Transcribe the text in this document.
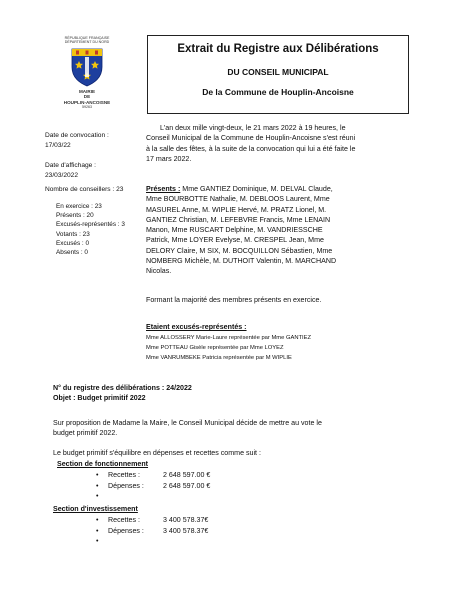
RÉPUBLIQUE FRANÇAISE
DÉPARTEMENT DU NORD
MAIRIE
DE
HOUPLIN-ANCOISNE
59263
Extrait du Registre aux Délibérations
DU CONSEIL MUNICIPAL
De la Commune de Houplin-Ancoisne
Date de convocation :
17/03/22
Date d'affichage :
23/03/2022
Nombre de conseillers : 23
En exercice : 23
Présents : 20
Excusés-représentés : 3
Votants : 23
Excusés : 0
Absents : 0
L'an deux mille vingt-deux, le 21 mars 2022 à 19 heures, le
Conseil Municipal de la Commune de Houplin-Ancoisne s'est réuni
à la salle des fêtes, à la suite de la convocation qui lui a été faite le
17 mars 2022.
Présents : Mme GANTIEZ Dominique, M. DELVAL Claude,
Mme BOURBOTTE Nathalie, M. DEBLOOS Laurent, Mme
MASUREL Anne, M. WIPLIE Hervé, M. PRATZ Lionel, M.
GANTIEZ Christian, M. LEFEBVRE Francis, Mme LENAIN
Manon, Mme RUSCART Delphine, M. VANDRIESSCHE
Patrick, Mme LOYER Evelyse, M. CRESPEL Jean, Mme
DELORY Claire, M SIX, M. BOCQUILLON Sébastien, Mme
NOMBERG Michèle, M. DUTHOIT Valentin, M. MARCHAND
Nicolas.
Formant la majorité des membres présents en exercice.
Etaient excusés-représentés :
Mme ALLOSSERY Marie-Laure représentée par Mme GANTIEZ
Mme POTTEAU Gisèle représentée par Mme LOYEZ
Mme VANRUMBEKE Patricia représentée par M WIPLIE
N° du registre des délibérations : 24/2022
Objet : Budget primitif 2022
Sur proposition de Madame la Maire, le Conseil Municipal décide de mettre au vote le
budget primitif 2022.
Le budget primitif s'équilibre en dépenses et recettes comme suit :
Section de fonctionnement
•	Recettes :	2 648 597.00 €
•	Dépenses :	2 648 597.00 €
•
Section d'investissement
•	Recettes :	3 400 578.37€
•	Dépenses :	3 400 578.37€
•
